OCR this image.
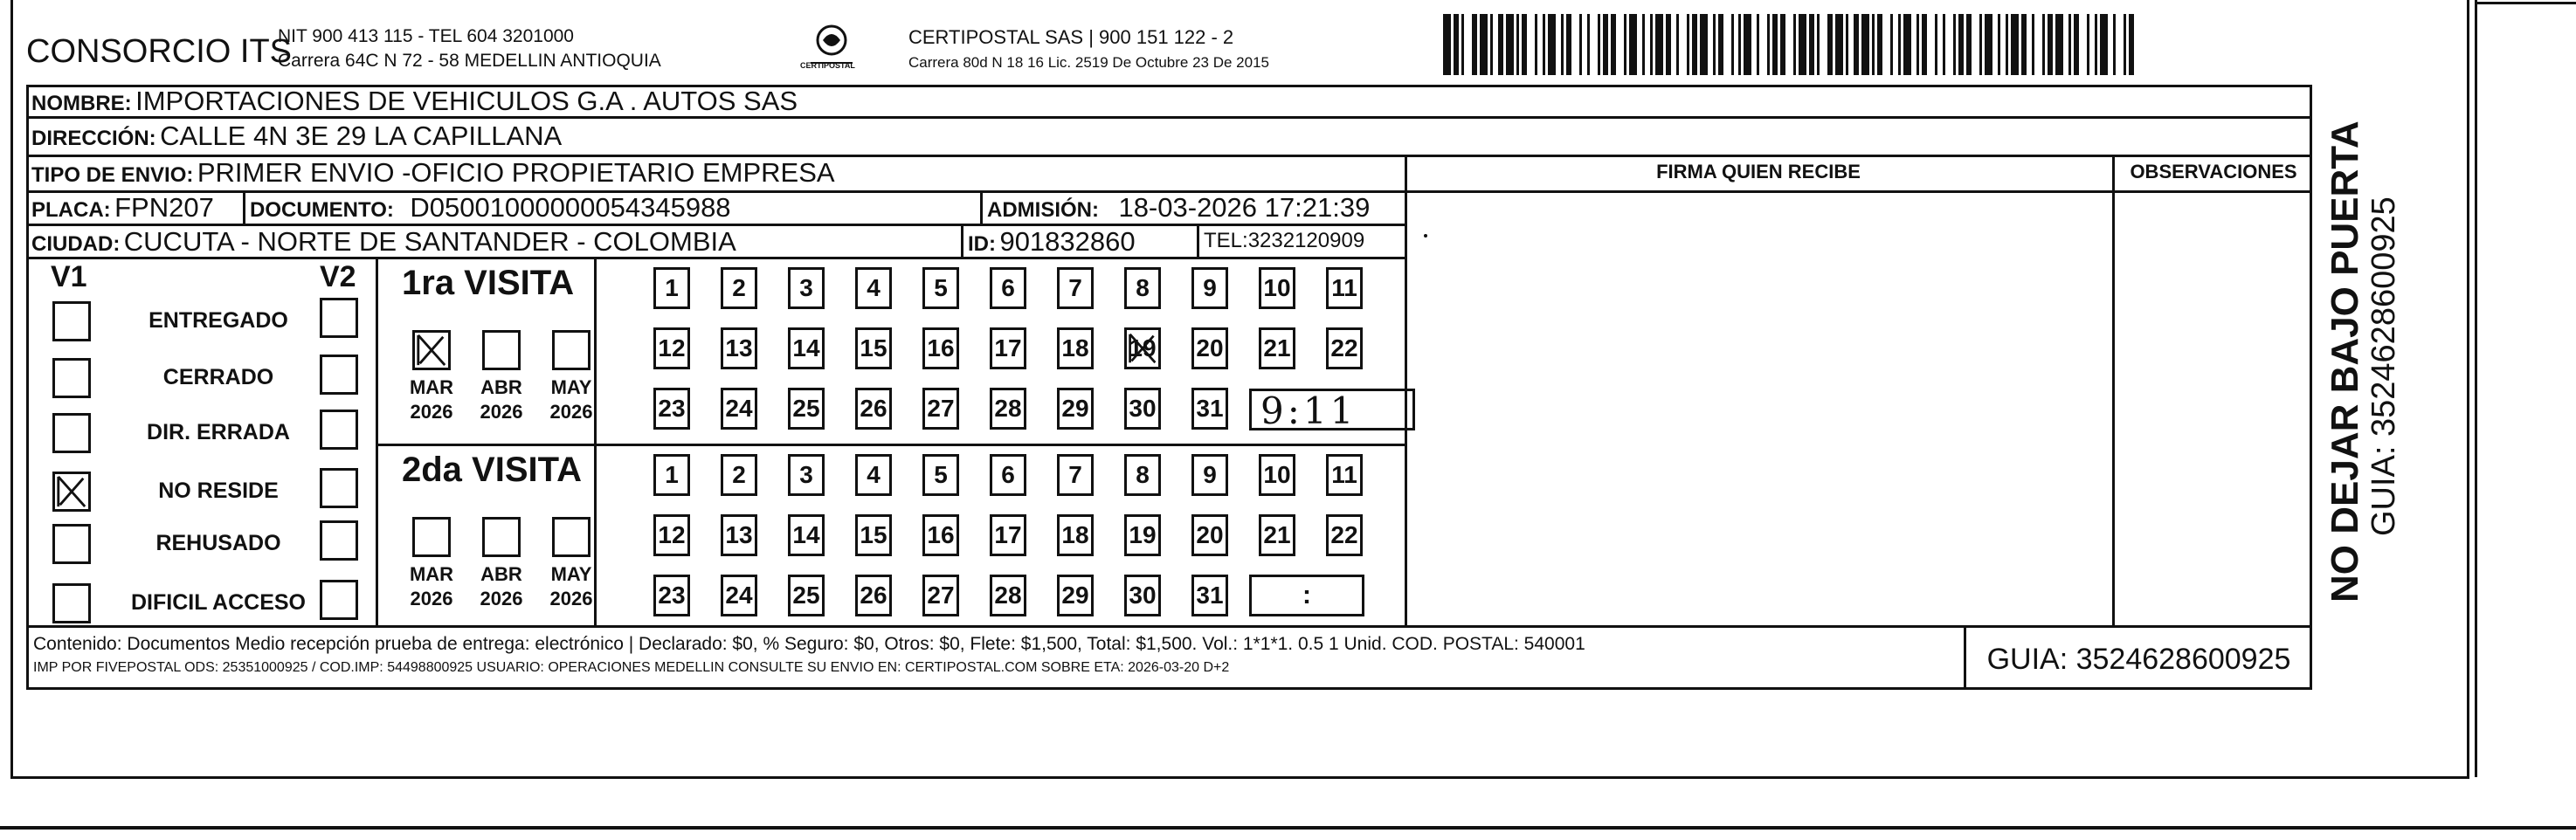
CONSORCIO ITS
NIT 900 413 115 - TEL 604 3201000
Carrera 64C N 72 - 58 MEDELLIN ANTIOQUIA	CERTIPOSTAL
CERTIPOSTAL SAS | 900 151 122 - 2
Carrera 80d N 18 16 Lic. 2519 De Octubre 23 De 2015
NOMBRE: IMPORTACIONES DE VEHICULOS G.A . AUTOS SAS
DIRECCIÓN: CALLE 4N 3E 29 LA CAPILLANA
TIPO DE ENVIO: PRIMER ENVIO -OFICIO PROPIETARIO EMPRESA
PLACA: FPN207 DOCUMENTO: D05001000000054345988	ADMISIÓN: 18-03-2026 17:21:39
CIUDAD: CUCUTA - NORTE DE SANTANDER - COLOMBIA	ID: 901832860	TEL:3232120909
FIRMA QUIEN RECIBE	OBSERVACIONES
V1	V2
ENTREGADO
CERRADO
DIR. ERRADA
NO RESIDE
REHUSADO
DIFICIL ACCESO
1ra VISITA
2da VISITA
MAR
2026
ABR
2026
MAY
2026
MAR
2026
ABR
2026
MAY
2026
1 2 3 4 5 6 7 8 9 10 11
12 13 14 15 16 17 18 19 20 21 22
23 24 25 26 27 28 29 30 31
1 2 3 4 5 6 7 8 9 10 11
12 13 14 15 16 17 18 19 20 21 22
23 24 25 26 27 28 29 30 31
9:11
:
Contenido: Documentos Medio recepción prueba de entrega: electrónico | Declarado: $0, % Seguro: $0, Otros: $0, Flete: $1,500, Total: $1,500. Vol.: 1*1*1. 0.5 1 Unid. COD. POSTAL: 540001
IMP POR FIVEPOSTAL ODS: 25351000925 / COD.IMP: 54498800925 USUARIO: OPERACIONES MEDELLIN CONSULTE SU ENVIO EN: CERTIPOSTAL.COM SOBRE ETA: 2026-03-20 D+2	GUIA: 3524628600925
NO DEJAR BAJO PUERTA GUIA: 3524628600925
